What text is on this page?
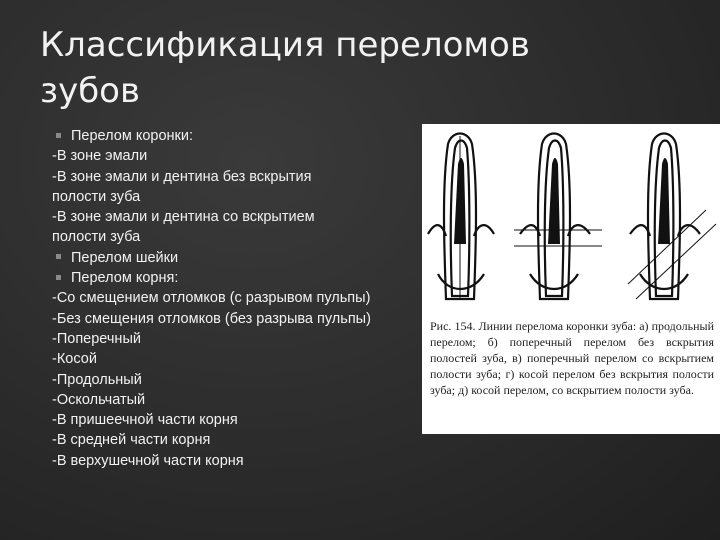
Классификация переломов зубов
Перелом коронки:
-В зоне эмали
-В зоне эмали и дентина без вскрытия
полости зуба
-В зоне эмали и дентина со вскрытием
полости зуба
Перелом шейки
Перелом корня:
-Со смещением отломков (с разрывом пульпы)
-Без смещения отломков (без разрыва пульпы)
-Поперечный
-Косой
-Продольный
-Оскольчатый
-В пришеечной части корня
-В средней части корня
-В верхушечной части корня
Рис. 154. Линии перелома коронки зуба: а) продольный перелом; б) поперечный перелом без вскрытия полостей зуба, в) поперечный перелом со вскрытием полости зуба; г) косой перелом без вскрытия полости зуба; д) косой перелом, со вскрытием полости зуба.
